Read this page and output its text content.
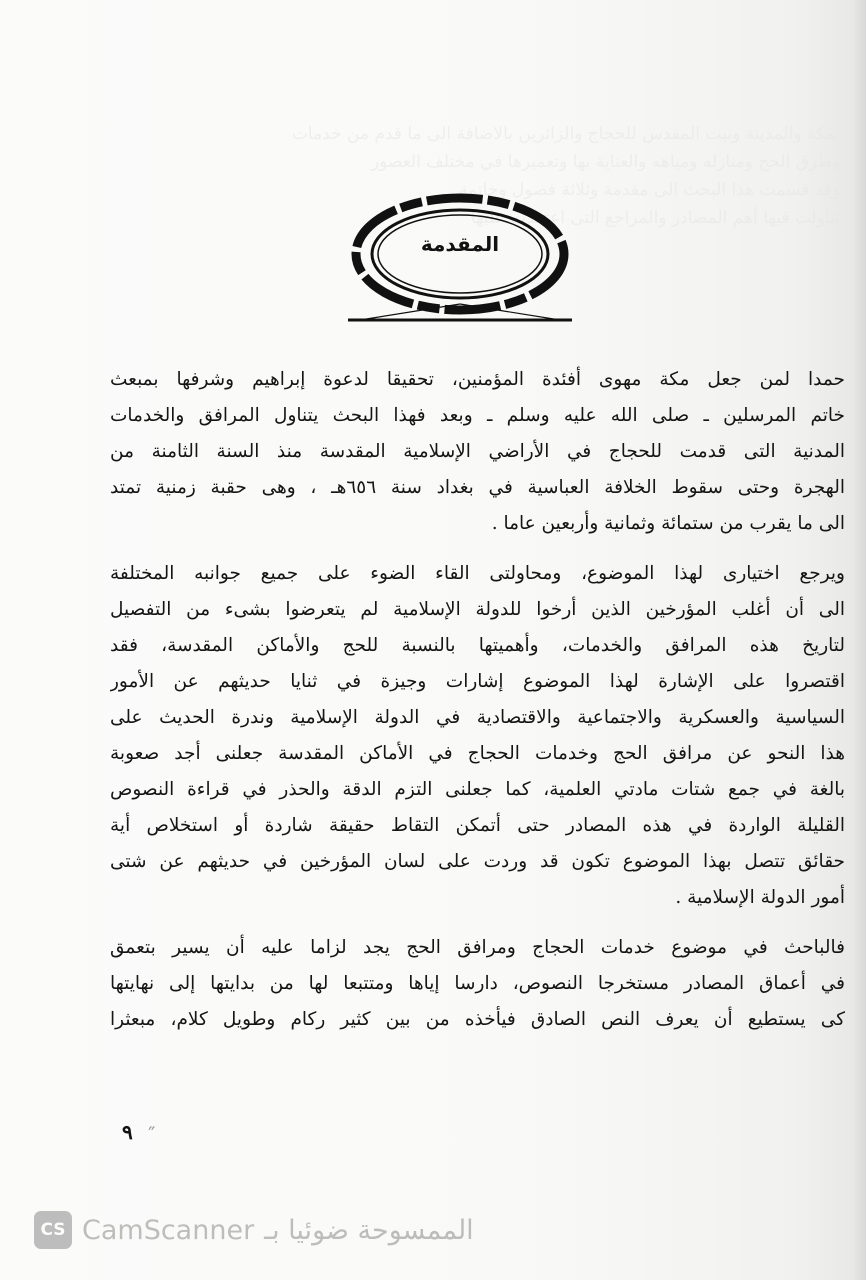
بمكة والمدينة وبيت المقدس للحجاج والزائرين بالاضافة الى ما قدم من خدمات
وطرق الحج ومنازله ومياهه والعناية بها وتعميرها في مختلف العصور
وقد قسمت هذا البحث الى مقدمة وثلاثة فصول وخاتمة
تناولت فيها أهم المصادر والمراجع التى اعتمدت عليها
المقدمة

حمدا لمن جعل مكة مهوى أفئدة المؤمنين، تحقيقا لدعوة إبراهيم وشرفها بمبعث
خاتم المرسلين ـ صلى الله عليه وسلم ـ وبعد فهذا البحث يتناول المرافق والخدمات
المدنية التى قدمت للحجاج في الأراضي الإسلامية المقدسة منذ السنة الثامنة من
الهجرة وحتى سقوط الخلافة العباسية في بغداد سنة ٦٥٦هـ ، وهى حقبة زمنية تمتد
الى ما يقرب من ستمائة وثمانية وأربعين عاما .

ويرجع اختيارى لهذا الموضوع، ومحاولتى القاء الضوء على جميع جوانبه المختلفة
الى أن أغلب المؤرخين الذين أرخوا للدولة الإسلامية لم يتعرضوا بشىء من التفصيل
لتاريخ هذه المرافق والخدمات، وأهميتها بالنسبة للحج والأماكن المقدسة، فقد
اقتصروا على الإشارة لهذا الموضوع إشارات وجيزة في ثنايا حديثهم عن الأمور
السياسية والعسكرية والاجتماعية والاقتصادية في الدولة الإسلامية وندرة الحديث على
هذا النحو عن مرافق الحج وخدمات الحجاج في الأماكن المقدسة جعلنى أجد صعوبة
بالغة في جمع شتات مادتي العلمية، كما جعلنى التزم الدقة والحذر في قراءة النصوص
القليلة الواردة في هذه المصادر حتى أتمكن التقاط حقيقة شاردة أو استخلاص أية
حقائق تتصل بهذا الموضوع تكون قد وردت على لسان المؤرخين في حديثهم عن شتى
أمور الدولة الإسلامية .

فالباحث في موضوع خدمات الحجاج ومرافق الحج يجد لزاما عليه أن يسير بتعمق
في أعماق المصادر مستخرجا النصوص، دارسا إياها ومتتبعا لها من بدايتها إلى نهايتها
كى يستطيع أن يعرف النص الصادق فيأخذه من بين كثير ركام وطويل كلام، مبعثرا

٩ ″
CS CamScanner الممسوحة ضوئيا بـ
